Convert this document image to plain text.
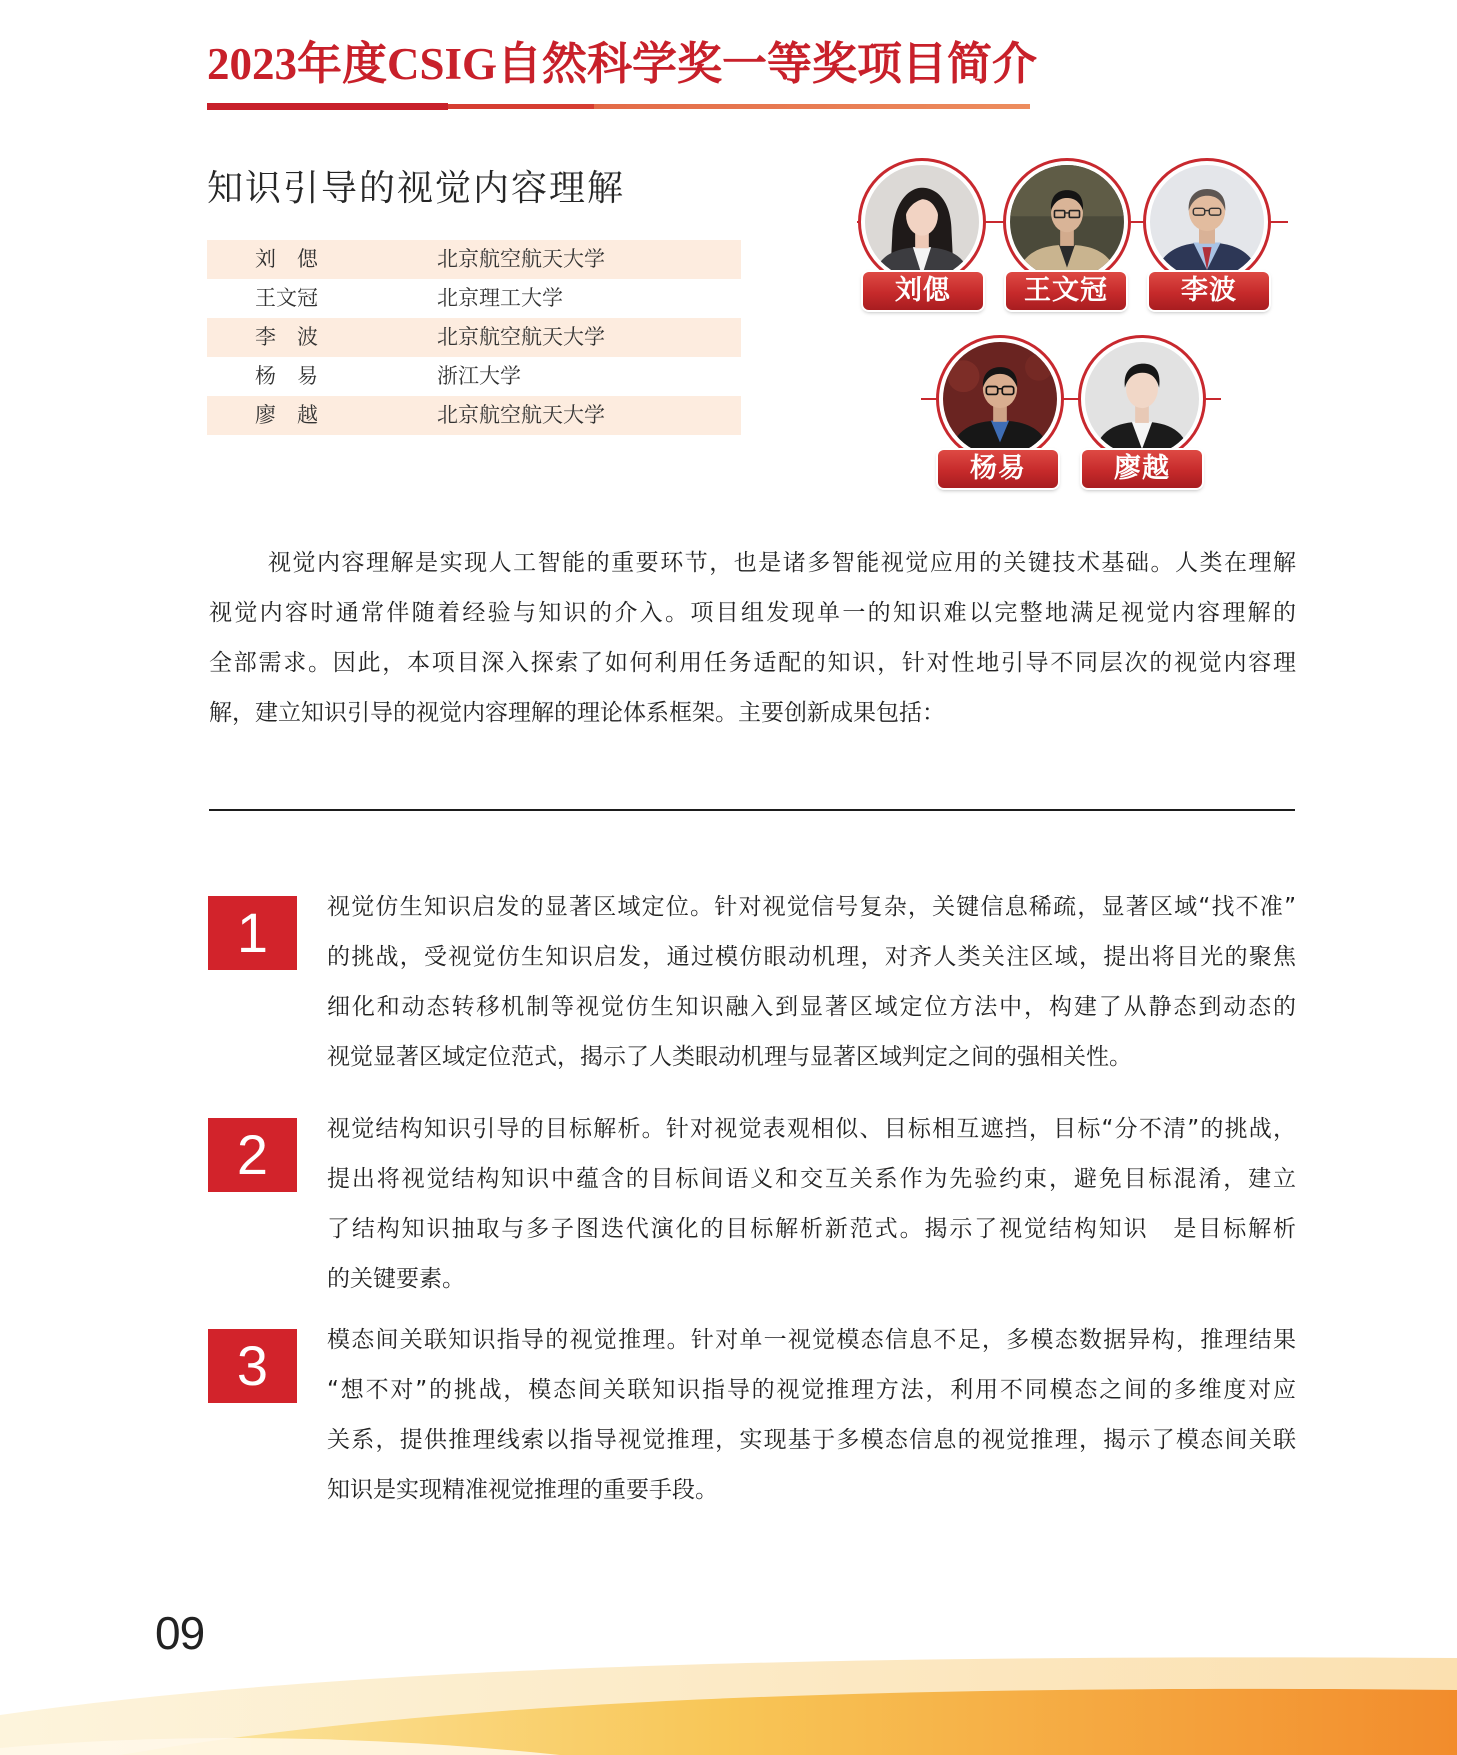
2023年度CSIG自然科学奖一等奖项目简介
知识引导的视觉内容理解
刘　偲	北京航空航天大学
王文冠	北京理工大学
李　波	北京航空航天大学
杨　易	浙江大学
廖　越	北京航空航天大学
刘偲	王文冠	李波
杨易	廖越
视觉内容理解是实现人工智能的重要环节，也是诸多智能视觉应用的关键技术基础。人类在理解
视觉内容时通常伴随着经验与知识的介入。项目组发现单一的知识难以完整地满足视觉内容理解的
全部需求。因此，本项目深入探索了如何利用任务适配的知识，针对性地引导不同层次的视觉内容理
解，建立知识引导的视觉内容理解的理论体系框架。主要创新成果包括：
1	视觉仿生知识启发的显著区域定位。针对视觉信号复杂，关键信息稀疏，显著区域“找不准”
的挑战，受视觉仿生知识启发，通过模仿眼动机理，对齐人类关注区域，提出将目光的聚焦
细化和动态转移机制等视觉仿生知识融入到显著区域定位方法中，构建了从静态到动态的
视觉显著区域定位范式，揭示了人类眼动机理与显著区域判定之间的强相关性。
2	视觉结构知识引导的目标解析。针对视觉表观相似、目标相互遮挡，目标“分不清”的挑战，
提出将视觉结构知识中蕴含的目标间语义和交互关系作为先验约束，避免目标混淆，建立
了结构知识抽取与多子图迭代演化的目标解析新范式。揭示了视觉结构知识　是目标解析
的关键要素。
3	模态间关联知识指导的视觉推理。针对单一视觉模态信息不足，多模态数据异构，推理结果
“想不对”的挑战，模态间关联知识指导的视觉推理方法，利用不同模态之间的多维度对应
关系，提供推理线索以指导视觉推理，实现基于多模态信息的视觉推理，揭示了模态间关联
知识是实现精准视觉推理的重要手段。
09
